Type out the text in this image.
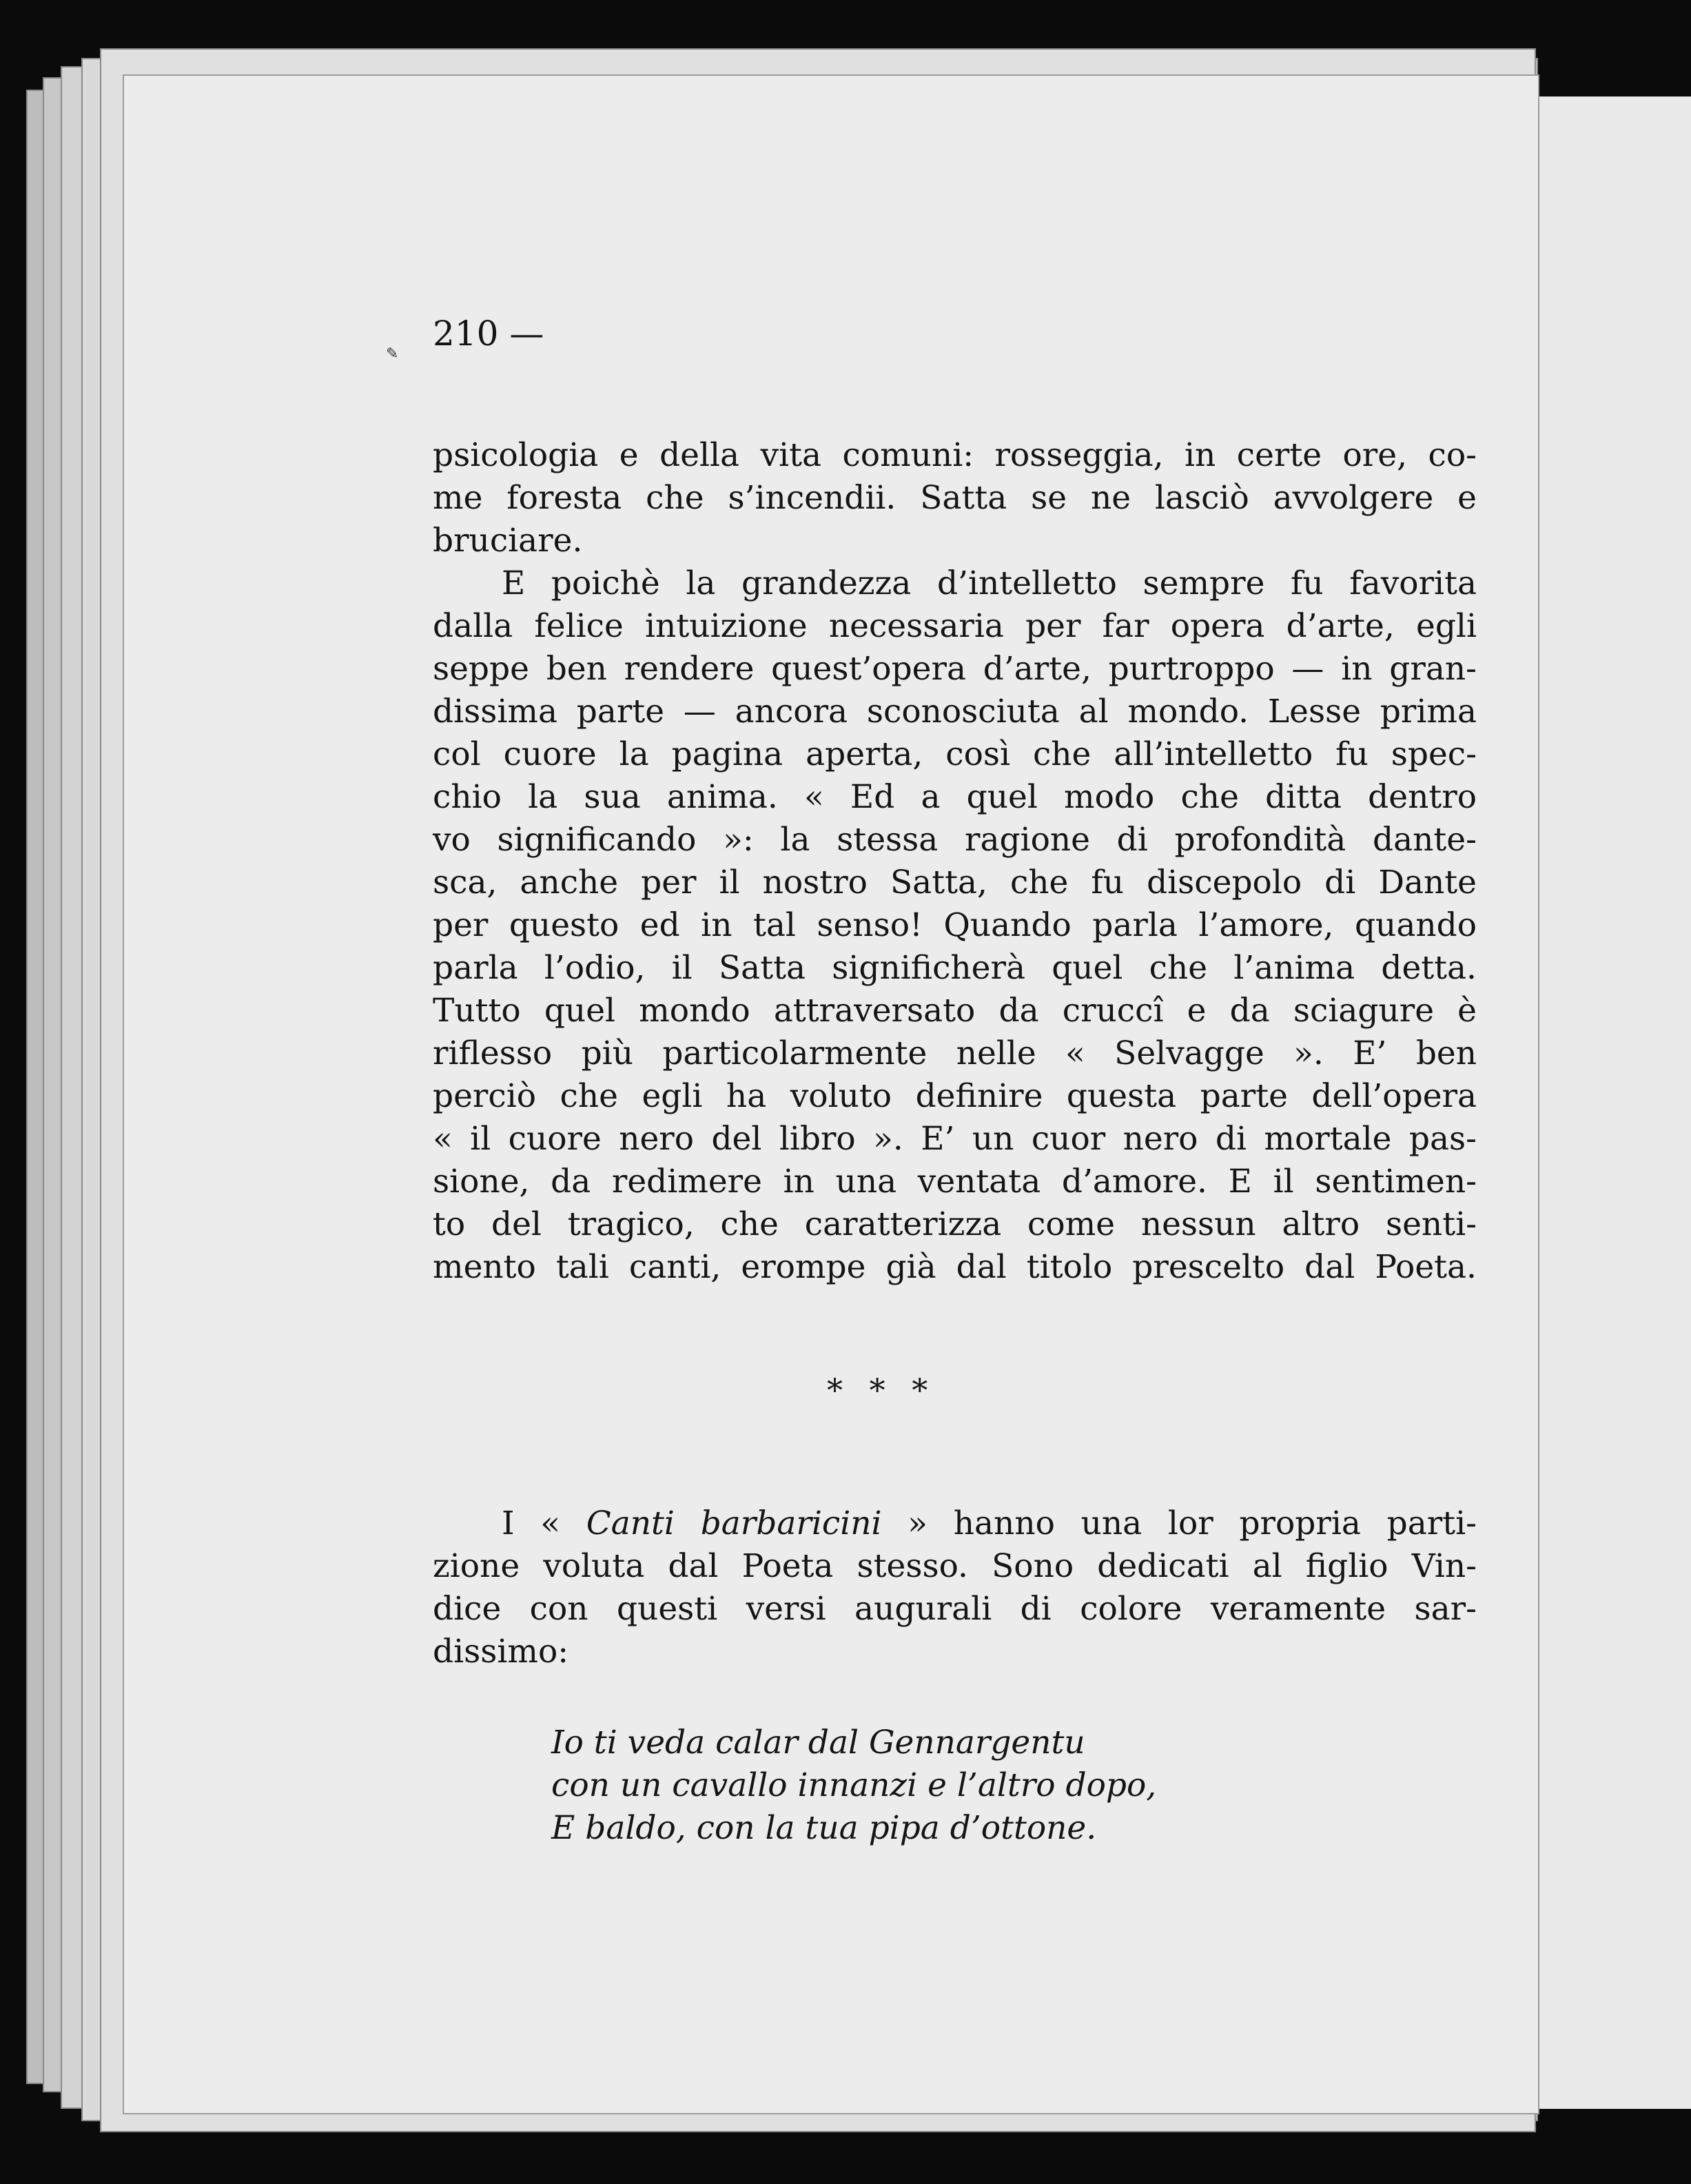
✎ 210 —
psicologia e della vita comuni: rosseggia, in certe ore, co-
me foresta che s’incendii. Satta se ne lasciò avvolgere e
bruciare.
E poichè la grandezza d’intelletto sempre fu favorita
dalla felice intuizione necessaria per far opera d’arte, egli
seppe ben rendere quest’opera d’arte, purtroppo — in gran-
dissima parte — ancora sconosciuta al mondo. Lesse prima
col cuore la pagina aperta, così che all’intelletto fu spec-
chio la sua anima. « Ed a quel modo che ditta dentro
vo significando »: la stessa ragione di profondità dante-
sca, anche per il nostro Satta, che fu discepolo di Dante
per questo ed in tal senso! Quando parla l’amore, quando
parla l’odio, il Satta significherà quel che l’anima detta.
Tutto quel mondo attraversato da cruccî e da sciagure è
riflesso più particolarmente nelle « Selvagge ». E’ ben
perciò che egli ha voluto definire questa parte dell’opera
« il cuore nero del libro ». E’ un cuor nero di mortale pas-
sione, da redimere in una ventata d’amore. E il sentimen-
to del tragico, che caratterizza come nessun altro senti-
mento tali canti, erompe già dal titolo prescelto dal Poeta.
* * *
I « Canti barbaricini » hanno una lor propria parti-
zione voluta dal Poeta stesso. Sono dedicati al figlio Vin-
dice con questi versi augurali di colore veramente sar-
dissimo:
Io ti veda calar dal Gennargentu
con un cavallo innanzi e l’altro dopo,
E baldo, con la tua pipa d’ottone.
